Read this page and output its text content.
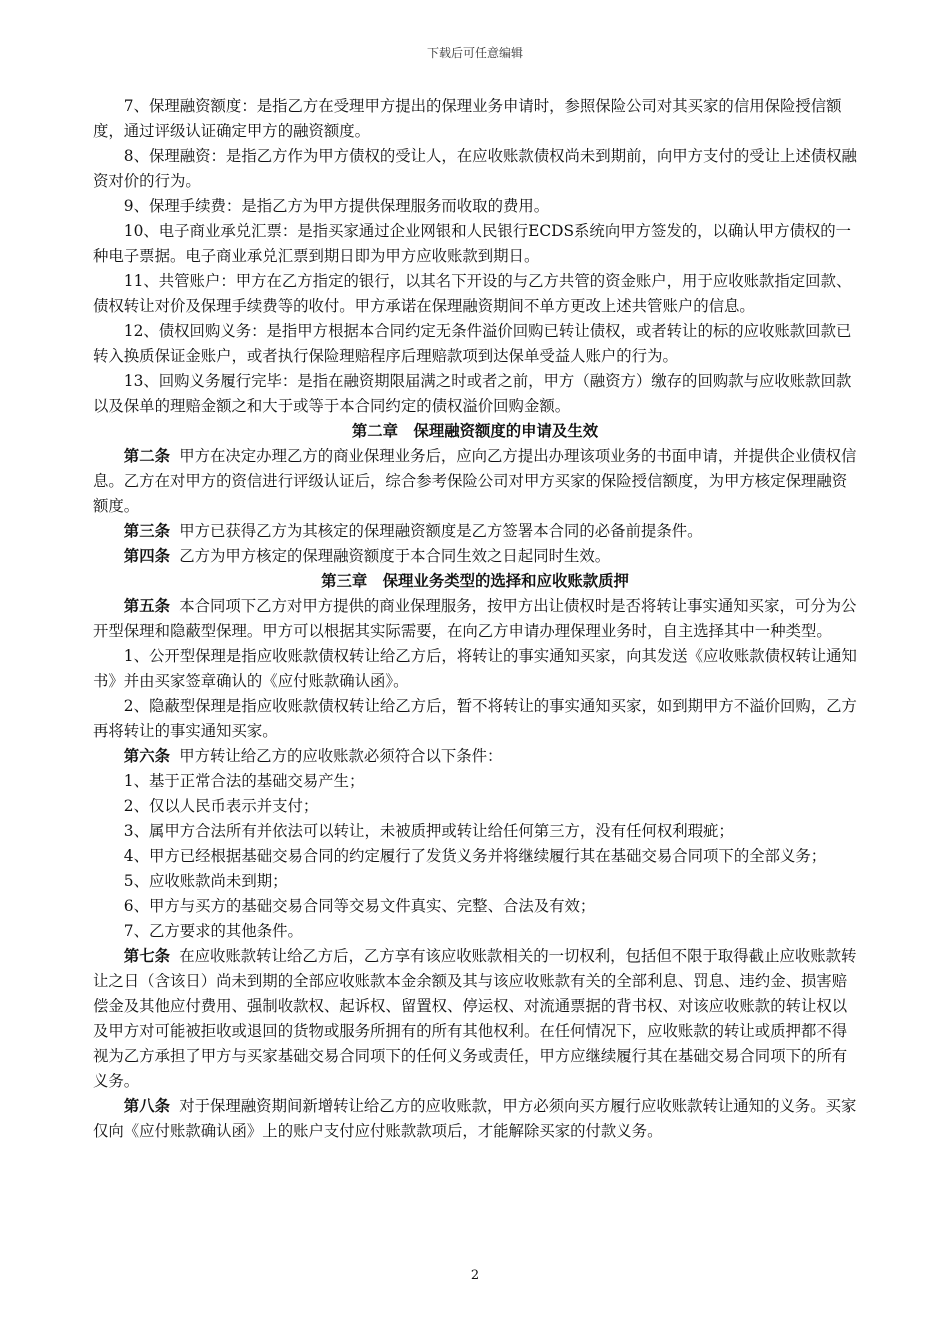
下载后可任意编辑

7、保理融资额度：是指乙方在受理甲方提出的保理业务申请时，参照保险公司对其买家的信用保险授信额度，通过评级认证确定甲方的融资额度。

8、保理融资：是指乙方作为甲方债权的受让人，在应收账款债权尚未到期前，向甲方支付的受让上述债权融资对价的行为。

9、保理手续费：是指乙方为甲方提供保理服务而收取的费用。

10、电子商业承兑汇票：是指买家通过企业网银和人民银行ECDS系统向甲方签发的，以确认甲方债权的一种电子票据。电子商业承兑汇票到期日即为甲方应收账款到期日。

11、共管账户：甲方在乙方指定的银行，以其名下开设的与乙方共管的资金账户，用于应收账款指定回款、债权转让对价及保理手续费等的收付。甲方承诺在保理融资期间不单方更改上述共管账户的信息。

12、债权回购义务：是指甲方根据本合同约定无条件溢价回购已转让债权，或者转让的标的应收账款回款已转入换质保证金账户，或者执行保险理赔程序后理赔款项到达保单受益人账户的行为。

13、回购义务履行完毕：是指在融资期限届满之时或者之前，甲方（融资方）缴存的回购款与应收账款回款以及保单的理赔金额之和大于或等于本合同约定的债权溢价回购金额。

第二章　保理融资额度的申请及生效

第二条 甲方在决定办理乙方的商业保理业务后，应向乙方提出办理该项业务的书面申请，并提供企业债权信息。乙方在对甲方的资信进行评级认证后，综合参考保险公司对甲方买家的保险授信额度，为甲方核定保理融资额度。

第三条 甲方已获得乙方为其核定的保理融资额度是乙方签署本合同的必备前提条件。

第四条 乙方为甲方核定的保理融资额度于本合同生效之日起同时生效。

第三章　保理业务类型的选择和应收账款质押

第五条 本合同项下乙方对甲方提供的商业保理服务，按甲方出让债权时是否将转让事实通知买家，可分为公开型保理和隐蔽型保理。甲方可以根据其实际需要，在向乙方申请办理保理业务时，自主选择其中一种类型。

1、公开型保理是指应收账款债权转让给乙方后，将转让的事实通知买家，向其发送《应收账款债权转让通知书》并由买家签章确认的《应付账款确认函》。

2、隐蔽型保理是指应收账款债权转让给乙方后，暂不将转让的事实通知买家，如到期甲方不溢价回购，乙方再将转让的事实通知买家。

第六条 甲方转让给乙方的应收账款必须符合以下条件：

1、基于正常合法的基础交易产生；

2、仅以人民币表示并支付；

3、属甲方合法所有并依法可以转让，未被质押或转让给任何第三方，没有任何权利瑕疵；

4、甲方已经根据基础交易合同的约定履行了发货义务并将继续履行其在基础交易合同项下的全部义务；

5、应收账款尚未到期；

6、甲方与买方的基础交易合同等交易文件真实、完整、合法及有效；

7、乙方要求的其他条件。

第七条 在应收账款转让给乙方后，乙方享有该应收账款相关的一切权利，包括但不限于取得截止应收账款转让之日（含该日）尚未到期的全部应收账款本金余额及其与该应收账款有关的全部利息、罚息、违约金、损害赔偿金及其他应付费用、强制收款权、起诉权、留置权、停运权、对流通票据的背书权、对该应收账款的转让权以及甲方对可能被拒收或退回的货物或服务所拥有的所有其他权利。在任何情况下，应收账款的转让或质押都不得视为乙方承担了甲方与买家基础交易合同项下的任何义务或责任，甲方应继续履行其在基础交易合同项下的所有义务。

第八条 对于保理融资期间新增转让给乙方的应收账款，甲方必须向买方履行应收账款转让通知的义务。买家仅向《应付账款确认函》上的账户支付应付账款款项后，才能解除买家的付款义务。

2
